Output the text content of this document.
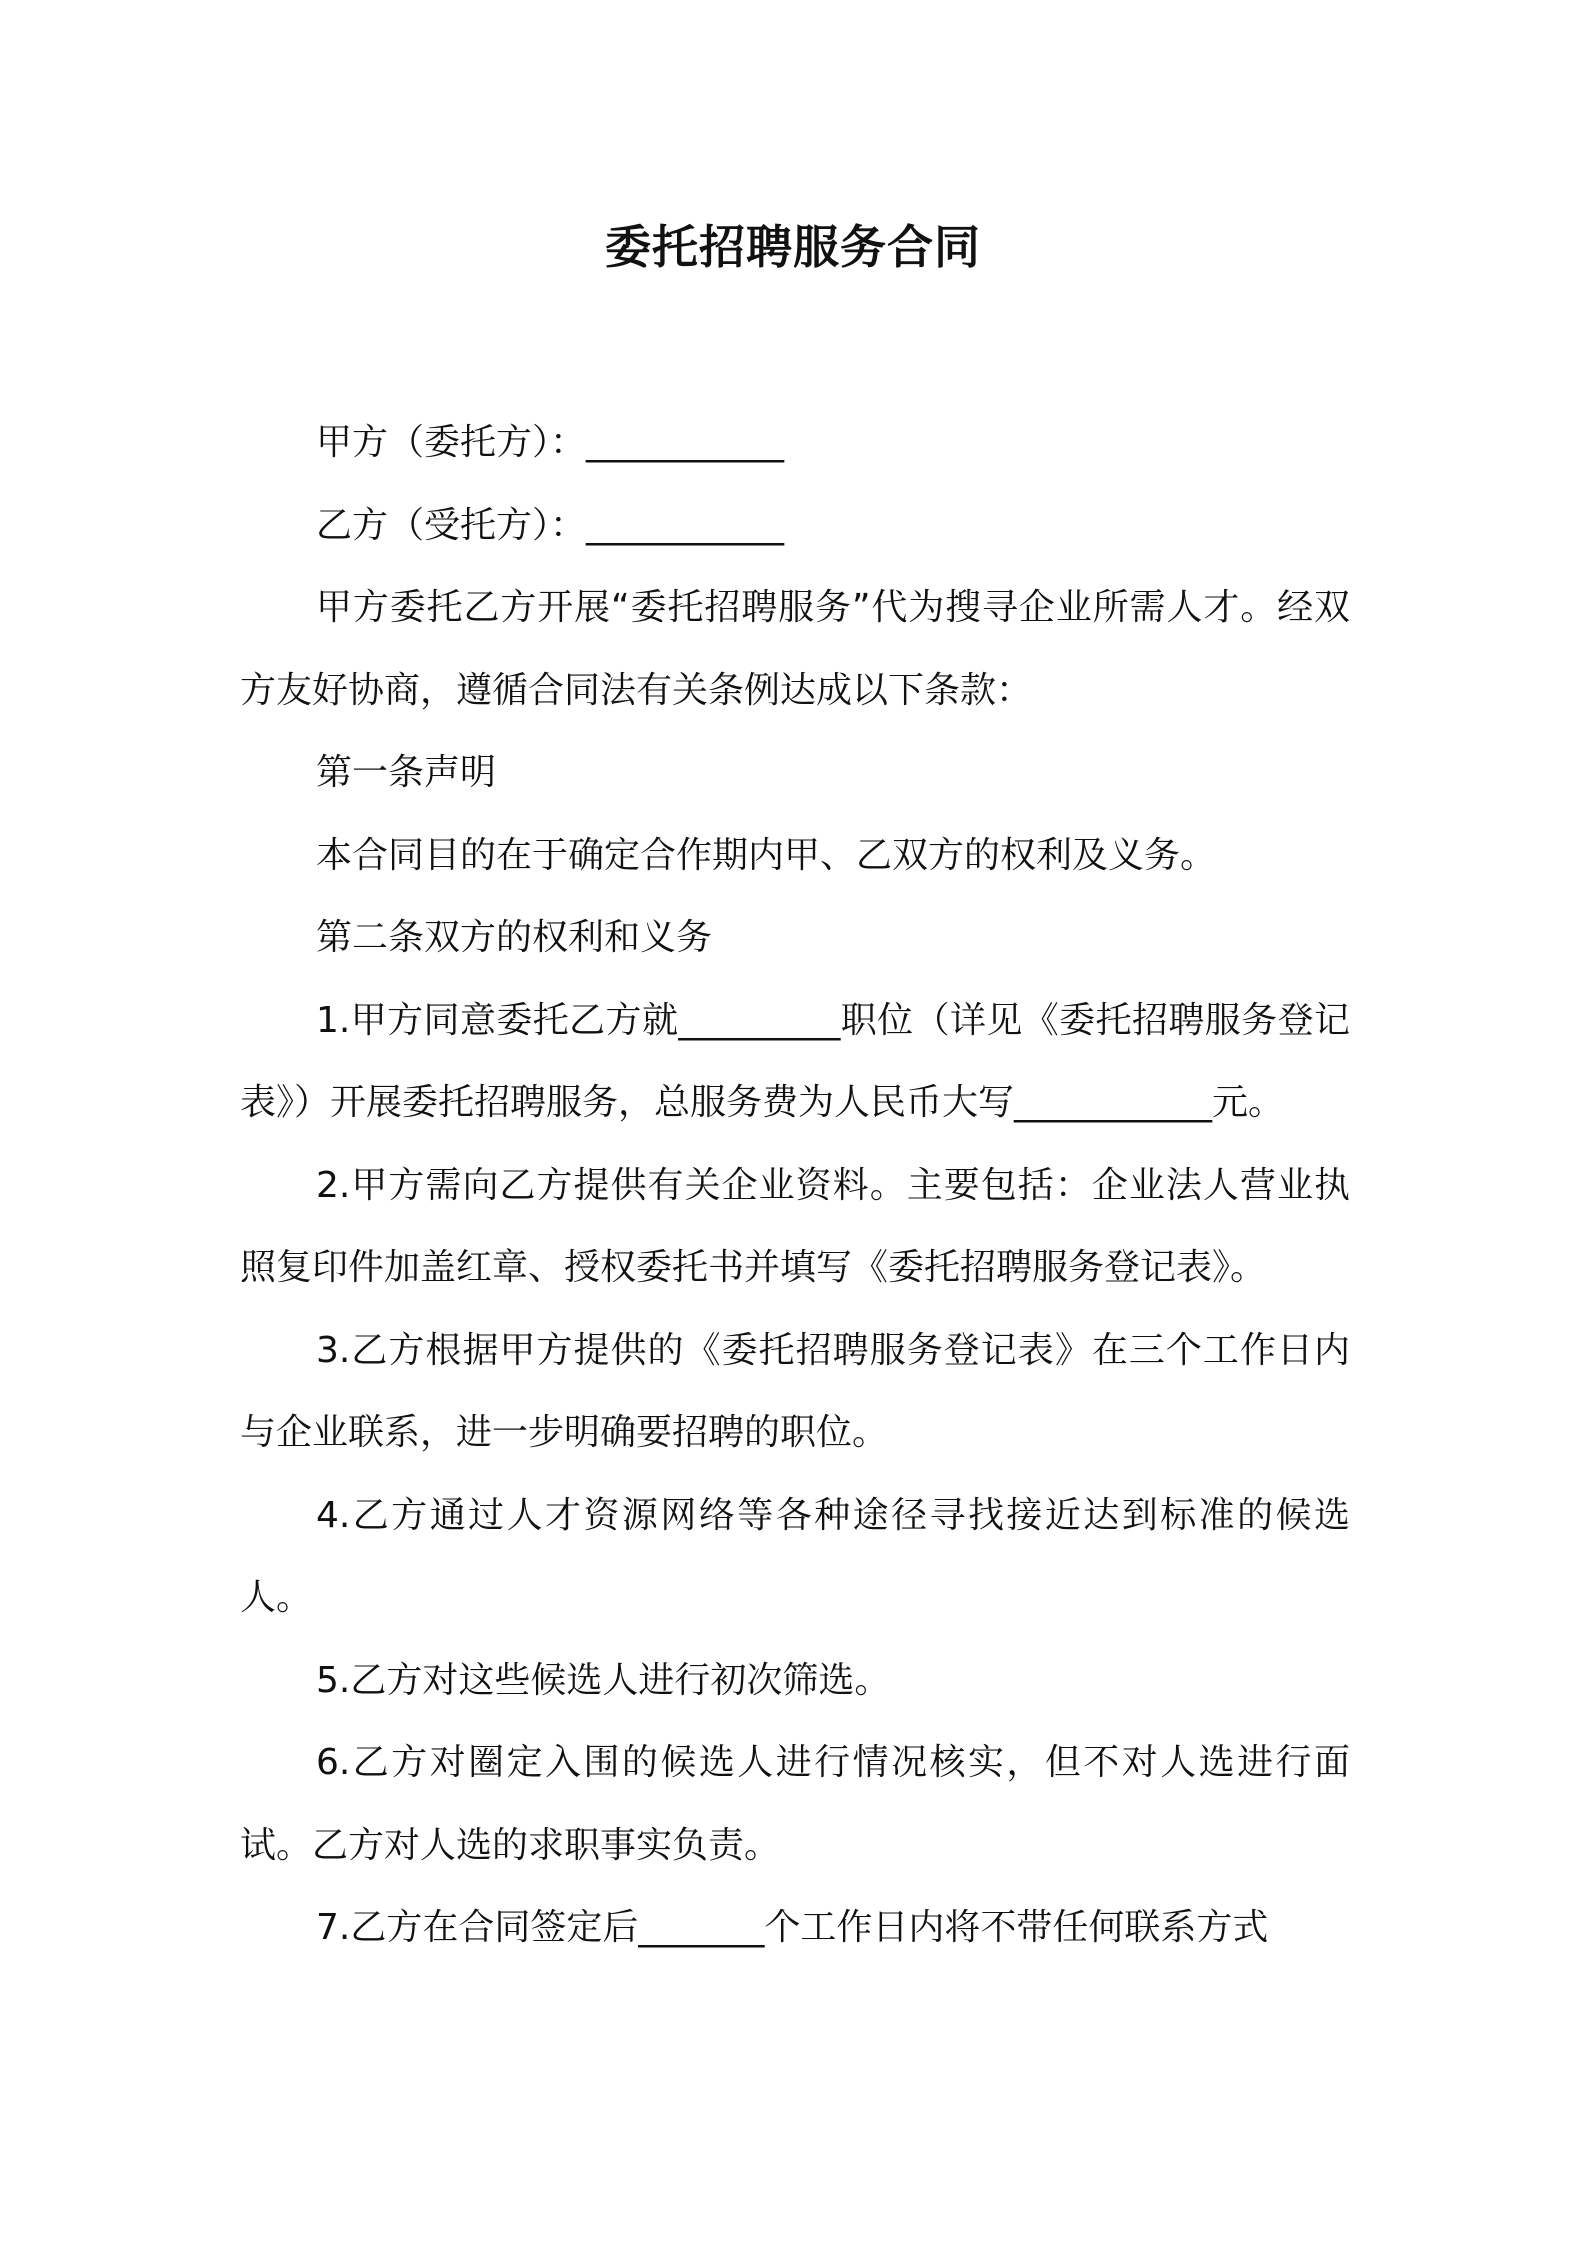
委托招聘服务合同

甲方（委托方）：___________

乙方（受托方）：___________

甲方委托乙方开展“委托招聘服务”代为搜寻企业所需人才。经双方友好协商，遵循合同法有关条例达成以下条款：

第一条声明

本合同目的在于确定合作期内甲、乙双方的权利及义务。

第二条双方的权利和义务

1.甲方同意委托乙方就_________职位（详见《委托招聘服务登记表》）开展委托招聘服务，总服务费为人民币大写___________元。

2.甲方需向乙方提供有关企业资料。主要包括：企业法人营业执照复印件加盖红章、授权委托书并填写《委托招聘服务登记表》。

3.乙方根据甲方提供的《委托招聘服务登记表》在三个工作日内与企业联系，进一步明确要招聘的职位。

4.乙方通过人才资源网络等各种途径寻找接近达到标准的候选人。

5.乙方对这些候选人进行初次筛选。

6.乙方对圈定入围的候选人进行情况核实，但不对人选进行面试。乙方对人选的求职事实负责。

7.乙方在合同签定后_______个工作日内将不带任何联系方式
